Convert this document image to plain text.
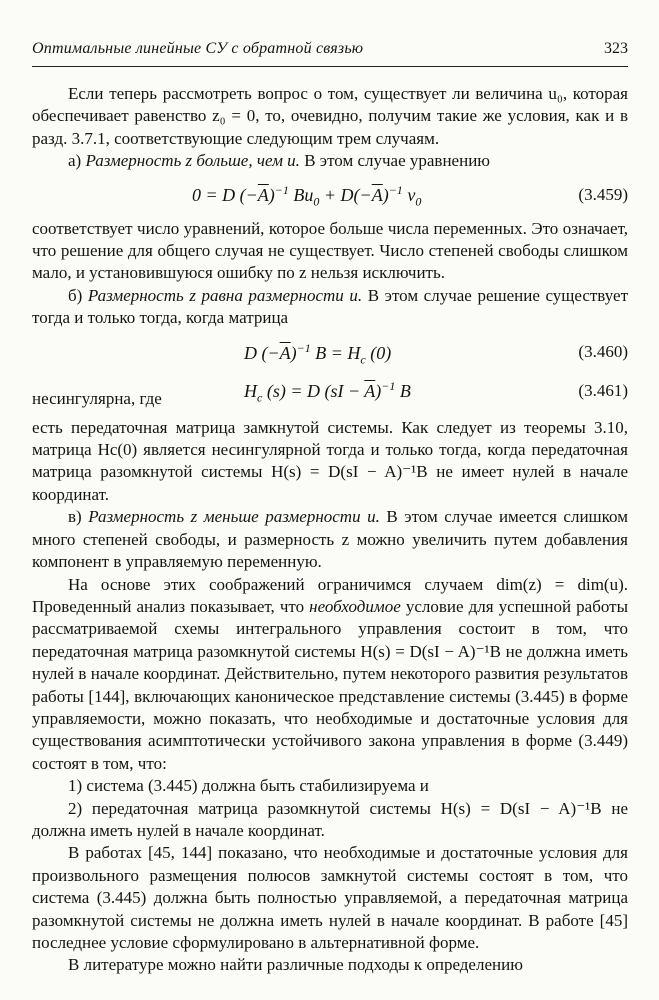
Оптимальные линейные СУ с обратной связью	323

Если теперь рассмотреть вопрос о том, существует ли величина u₀, которая обеспечивает равенство z₀ = 0, то, очевидно, получим такие же условия, как и в разд. 3.7.1, соответствующие следующим трем случаям.

а) Размерность z больше, чем u. В этом случае уравнению

0 = D $(-\overline{A})^{-1}$ $Bu_0 + D(-\overline{A})^{-1}$ $v_0$	(3.459)

соответствует число уравнений, которое больше числа переменных. Это означает, что решение для общего случая не существует. Число степеней свободы слишком мало, и установившуюся ошибку по z нельзя исключить.

б) Размерность z равна размерности u. В этом случае решение существует тогда и только тогда, когда матрица

D $(-\overline{A})^{-1}$ $B = H_c$ (0)	(3.460)
несингулярна, где	$H_c$ (s) = D $(sI - \overline{A})^{-1}$ B	(3.461)

есть передаточная матрица замкнутой системы. Как следует из теоремы 3.10, матрица Hc(0) является несингулярной тогда и только тогда, когда передаточная матрица разомкнутой системы H(s) = D(sI − A)⁻¹B не имеет нулей в начале координат.

в) Размерность z меньше размерности u. В этом случае имеется слишком много степеней свободы, и размерность z можно увеличить путем добавления компонент в управляемую переменную.

На основе этих соображений ограничимся случаем dim(z) = dim(u). Проведенный анализ показывает, что необходимое условие для успешной работы рассматриваемой схемы интегрального управления состоит в том, что передаточная матрица разомкнутой системы H(s) = D(sI − A)⁻¹B не должна иметь нулей в начале координат. Действительно, путем некоторого развития результатов работы [144], включающих каноническое представление системы (3.445) в форме управляемости, можно показать, что необходимые и достаточные условия для существования асимптотически устойчивого закона управления в форме (3.449) состоят в том, что:

1) система (3.445) должна быть стабилизируема и

2) передаточная матрица разомкнутой системы H(s) = D(sI − A)⁻¹B не должна иметь нулей в начале координат.

В работах [45, 144] показано, что необходимые и достаточные условия для произвольного размещения полюсов замкнутой системы состоят в том, что система (3.445) должна быть полностью управляемой, а передаточная матрица разомкнутой системы не должна иметь нулей в начале координат. В работе [45] последнее условие сформулировано в альтернативной форме.

В литературе можно найти различные подходы к определению
